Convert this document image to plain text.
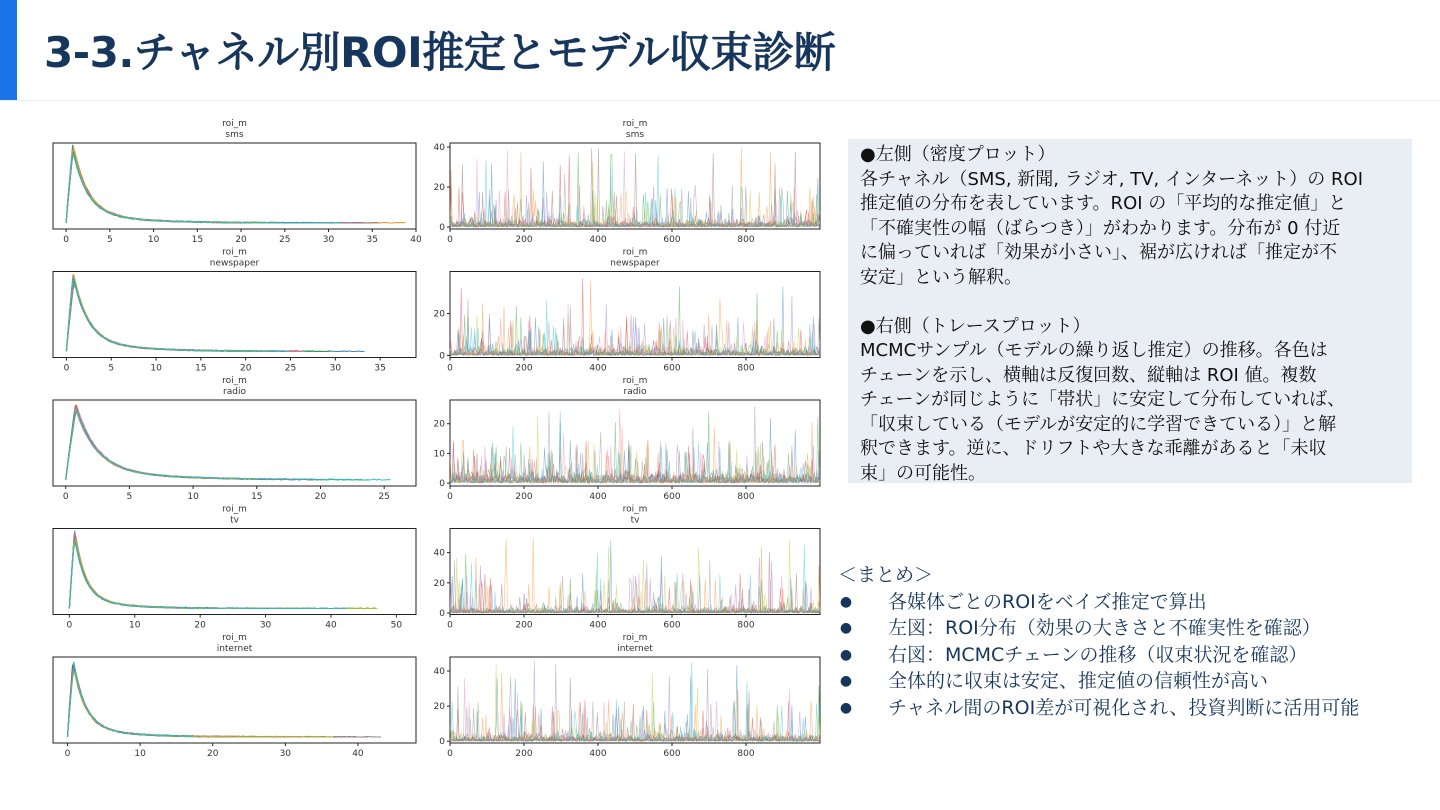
3-3.チャネル別ROI推定とモデル収束診断
roi_m
sms
0	5	10	15	20	25	30	35	40
roi_m
sms
0	200	400	600	800
0
20
40
roi_m
newspaper
0	5	10	15	20	25	30	35
roi_m
newspaper
0	200	400	600	800
0
20
roi_m
radio
0	5	10	15	20	25
roi_m
radio
0	200	400	600	800
0
10
20
roi_m
tv
0	10	20	30	40	50
roi_m
tv
0	200	400	600	800
0
20
40
roi_m
internet
0	10	20	30	40
roi_m
internet
0	200	400	600	800
0
20
40

●左側（密度プロット）

各チャネル（SMS, 新聞, ラジオ, TV, インターネット）の ROI

推定値の分布を表しています。ROI の「平均的な推定値」と

「不確実性の幅（ばらつき）」がわかります。分布が 0 付近

に偏っていれば「効果が小さい」、裾が広ければ「推定が不

安定」という解釈。

●右側（トレースプロット）

MCMCサンプル（モデルの繰り返し推定）の推移。各色は

チェーンを示し、横軸は反復回数、縦軸は ROI 値。複数

チェーンが同じように「帯状」に安定して分布していれば、

「収束している（モデルが安定的に学習できている）」と解

釈できます。逆に、ドリフトや大きな乖離があると「未収

束」の可能性。

＜まとめ＞

● 各媒体ごとのROIをベイズ推定で算出
● 左図：ROI分布（効果の大きさと不確実性を確認）
● 右図：MCMCチェーンの推移（収束状況を確認）
● 全体的に収束は安定、推定値の信頼性が高い
● チャネル間のROI差が可視化され、投資判断に活用可能
